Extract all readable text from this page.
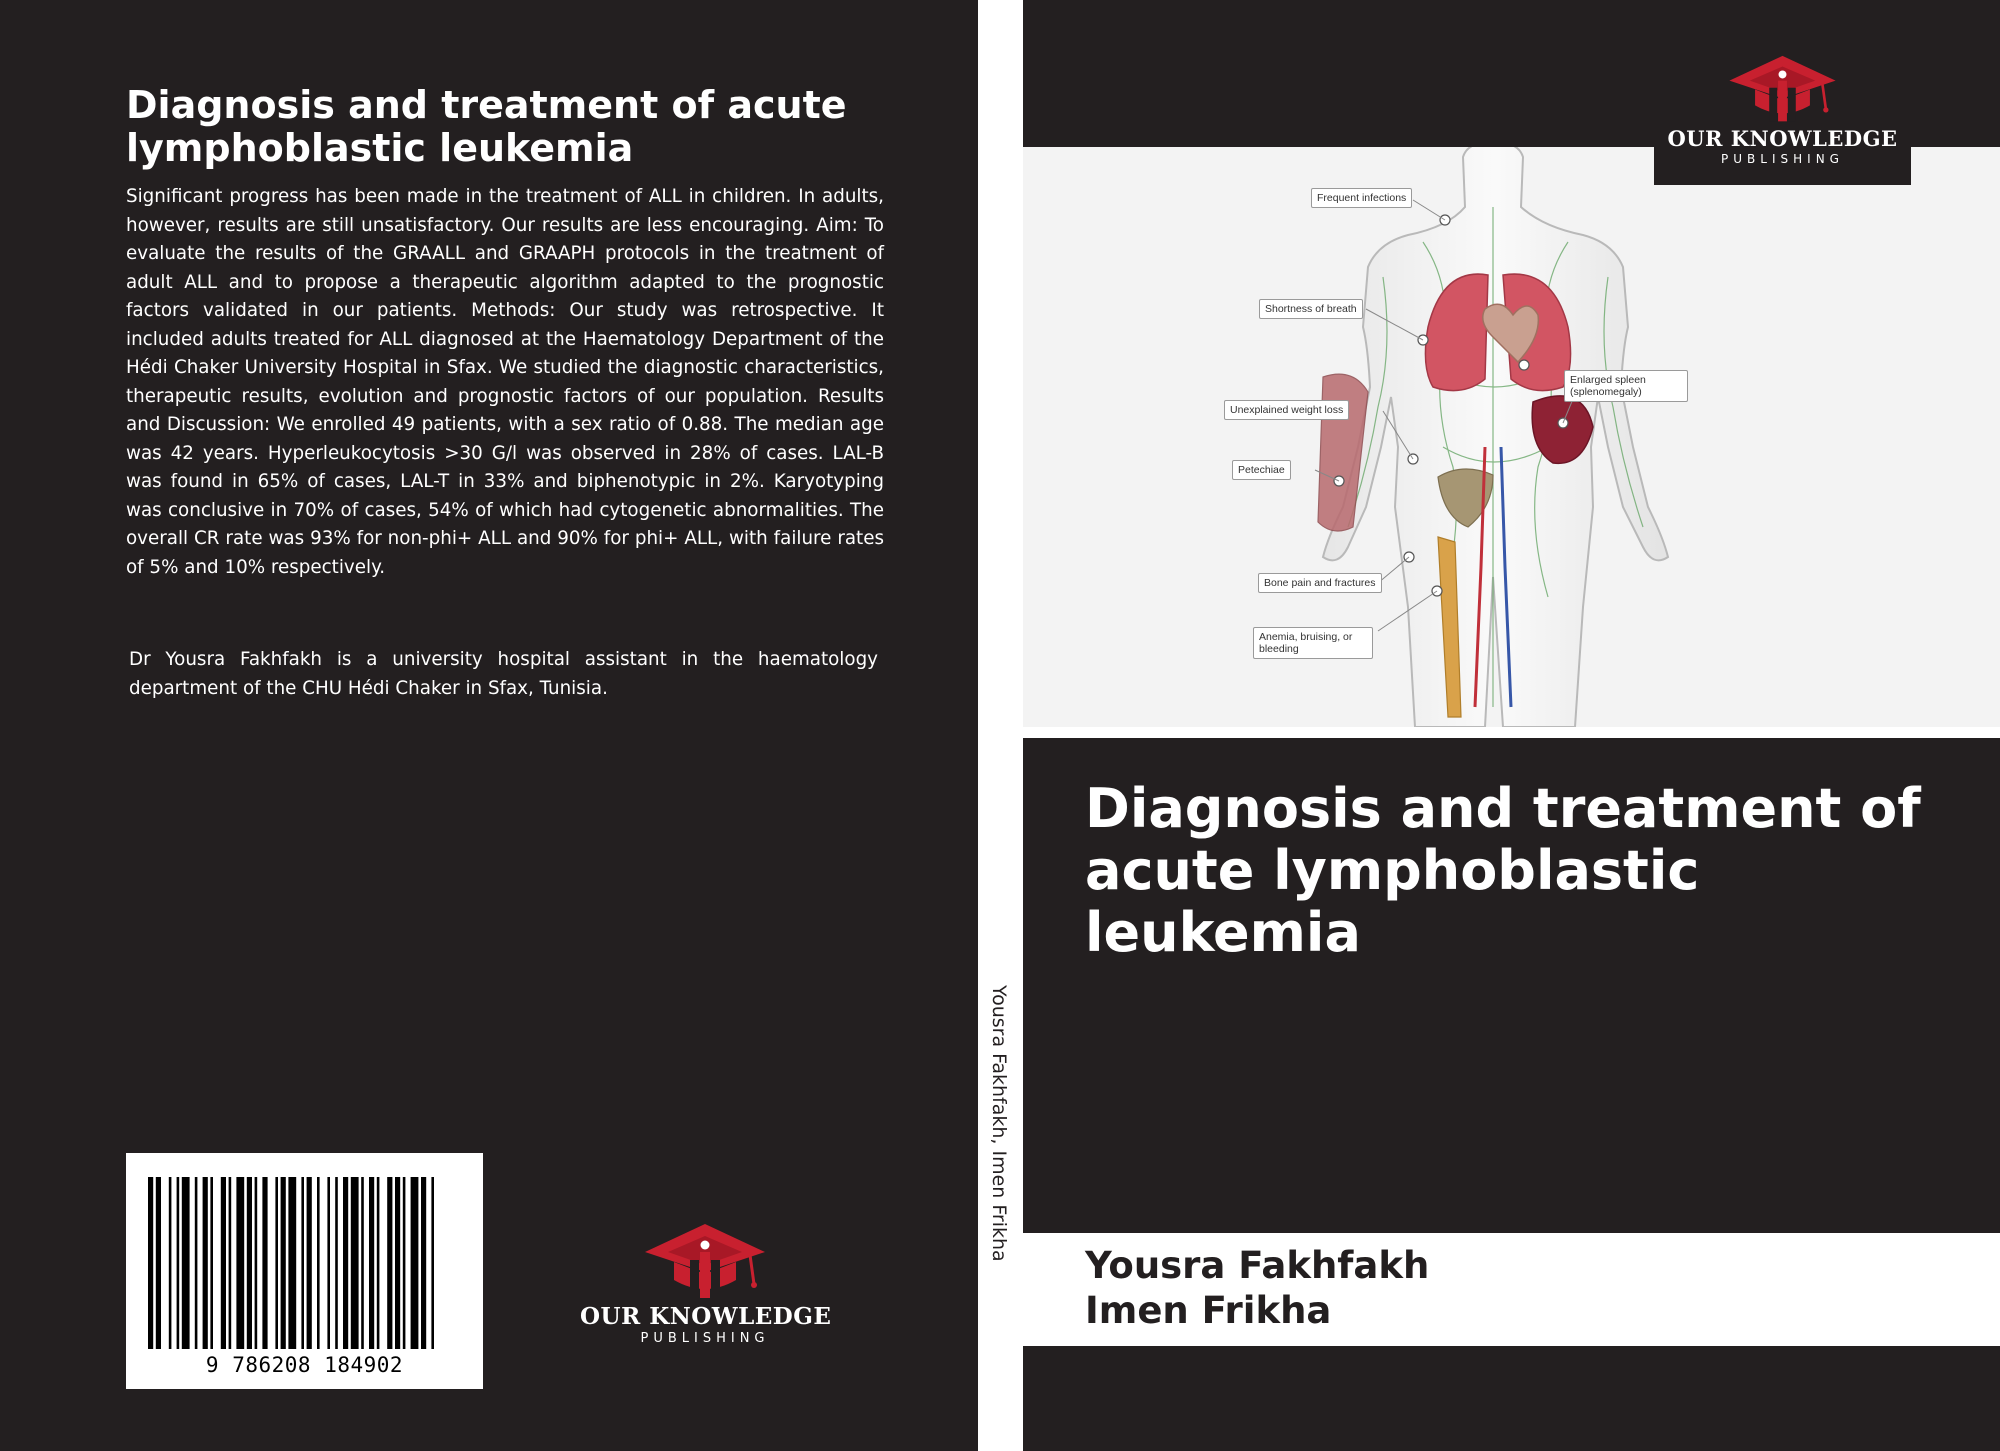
Diagnosis and treatment of acute lymphoblastic leukemia

Significant progress has been made in the treatment of ALL in children. In adults, however, results are still unsatisfactory. Our results are less encouraging. Aim: To evaluate the results of the GRAALL and GRAAPH protocols in the treatment of adult ALL and to propose a therapeutic algorithm adapted to the prognostic factors validated in our patients. Methods: Our study was retrospective. It included adults treated for ALL diagnosed at the Haematology Department of the Hédi Chaker University Hospital in Sfax. We studied the diagnostic characteristics, therapeutic results, evolution and prognostic factors of our population. Results and Discussion: We enrolled 49 patients, with a sex ratio of 0.88. The median age was 42 years. Hyperleukocytosis >30 G/l was observed in 28% of cases. LAL-B was found in 65% of cases, LAL-T in 33% and biphenotypic in 2%. Karyotyping was conclusive in 70% of cases, 54% of which had cytogenetic abnormalities. The overall CR rate was 93% for non-phi+ ALL and 90% for phi+ ALL, with failure rates of 5% and 10% respectively.

Dr Yousra Fakhfakh is a university hospital assistant in the haematology department of the CHU Hédi Chaker in Sfax, Tunisia.

9 786208 184902
OUR KNOWLEDGE
PUBLISHING
Yousra Fakhfakh, Imen Frikha
Frequent infections
Shortness of breath
Enlarged spleen (splenomegaly)
Unexplained weight loss
Petechiae
Bone pain and fractures
Anemia, bruising, or bleeding
OUR KNOWLEDGE
PUBLISHING
Diagnosis and treatment of acute lymphoblastic leukemia
Yousra Fakhfakh
Imen Frikha
